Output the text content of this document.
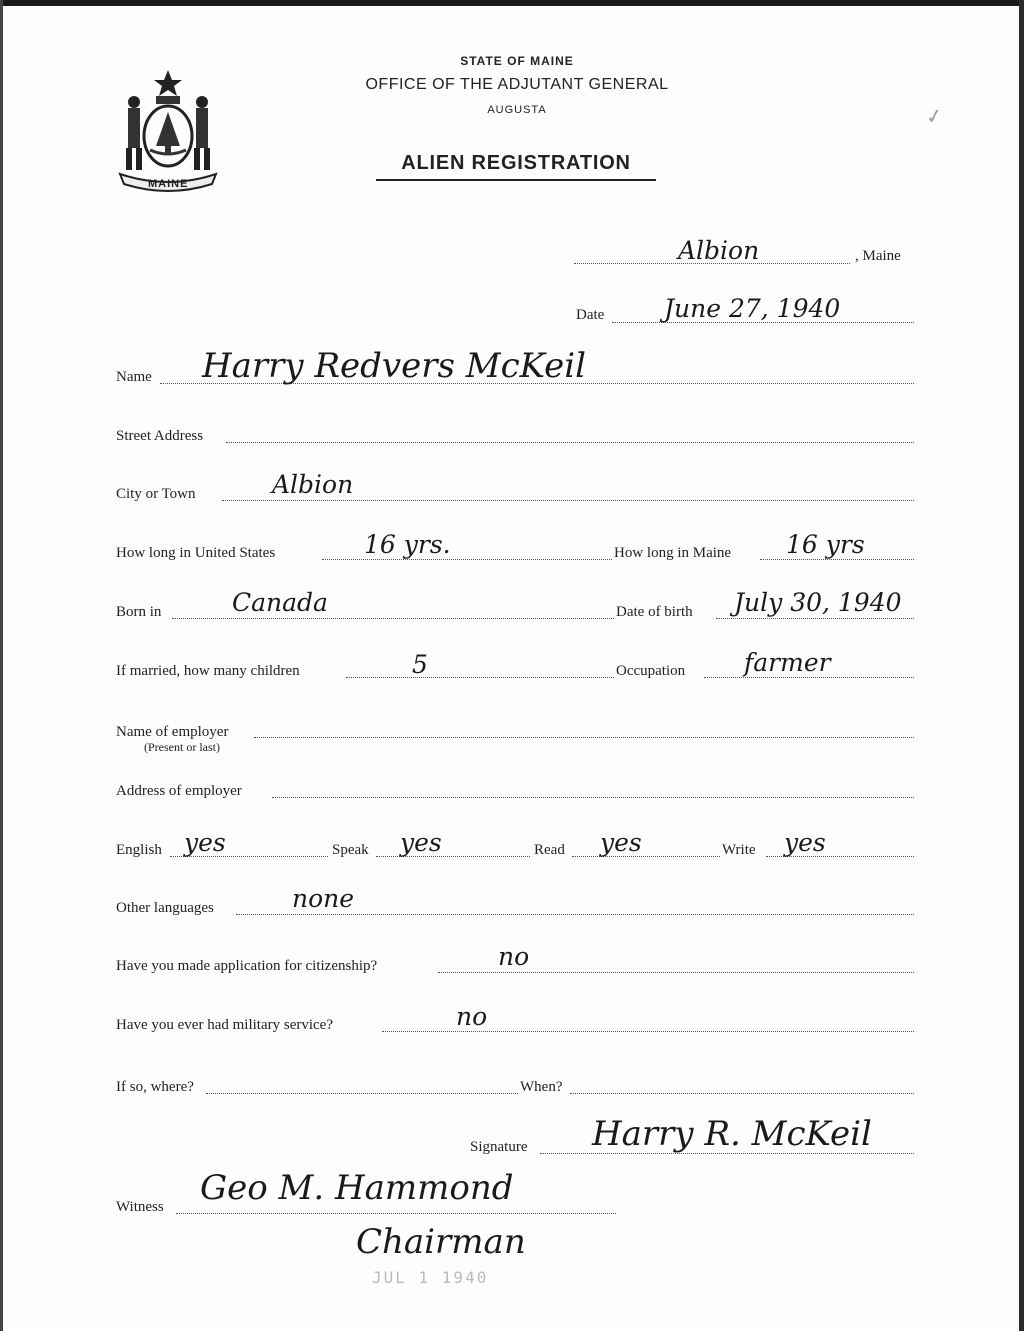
MAINE
STATE OF MAINE
OFFICE OF THE ADJUTANT GENERAL
AUGUSTA
ALIEN REGISTRATION
✓
Albion	, Maine
Date June 27, 1940
Name Harry Redvers McKeil
Street Address
City or Town	Albion
How long in United States	16 yrs.	How long in Maine 16 yrs
Born in	Canada	Date of birth July 30, 1940
If married, how many children	5	Occupation farmer
Name of employer
(Present or last)
Address of employer
English yes	Speak yes	Read yes	Write yes
Other languages	none
Have you made application for citizenship?	no
Have you ever had military service?	no
If so, where?	When?
Signature Harry R. McKeil
Witness Geo M. Hammond
Chairman
JUL 1 1940
